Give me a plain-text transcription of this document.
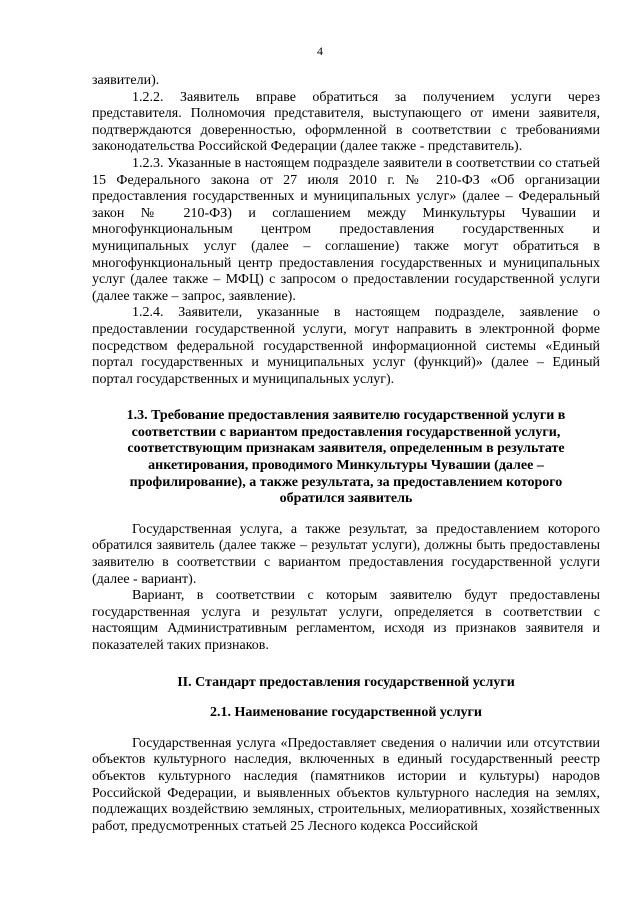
4

заявители).

1.2.2. Заявитель вправе обратиться за получением услуги через представителя. Полномочия представителя, выступающего от имени заявителя, подтверждаются доверенностью, оформленной в соответствии с требованиями законодательства Российской Федерации (далее также - представитель).

1.2.3. Указанные в настоящем подразделе заявители в соответствии со статьей 15 Федерального закона от 27 июля 2010 г. № 210-ФЗ «Об организации предоставления государственных и муниципальных услуг» (далее – Федеральный закон № 210-ФЗ) и соглашением между Минкультуры Чувашии и многофункциональным центром предоставления государственных и муниципальных услуг (далее – соглашение) также могут обратиться в многофункциональный центр предоставления государственных и муниципальных услуг (далее также – МФЦ) с запросом о предоставлении государственной услуги (далее также – запрос, заявление).

1.2.4. Заявители, указанные в настоящем подразделе, заявление о предоставлении государственной услуги, могут направить в электронной форме посредством федеральной государственной информационной системы «Единый портал государственных и муниципальных услуг (функций)» (далее – Единый портал государственных и муниципальных услуг).

1.3. Требование предоставления заявителю государственной услуги в соответствии с вариантом предоставления государственной услуги, соответствующим признакам заявителя, определенным в результате анкетирования, проводимого Минкультуры Чувашии (далее – профилирование), а также результата, за предоставлением которого обратился заявитель

Государственная услуга, а также результат, за предоставлением которого обратился заявитель (далее также – результат услуги), должны быть предоставлены заявителю в соответствии с вариантом предоставления государственной услуги (далее - вариант).

Вариант, в соответствии с которым заявителю будут предоставлены государственная услуга и результат услуги, определяется в соответствии с настоящим Административным регламентом, исходя из признаков заявителя и показателей таких признаков.

II. Стандарт предоставления государственной услуги
2.1. Наименование государственной услуги

Государственная услуга «Предоставляет сведения о наличии или отсутствии объектов культурного наследия, включенных в единый государственный реестр объектов культурного наследия (памятников истории и культуры) народов Российской Федерации, и выявленных объектов культурного наследия на землях, подлежащих воздействию земляных, строительных, мелиоративных, хозяйственных работ, предусмотренных статьей 25 Лесного кодекса Российской
